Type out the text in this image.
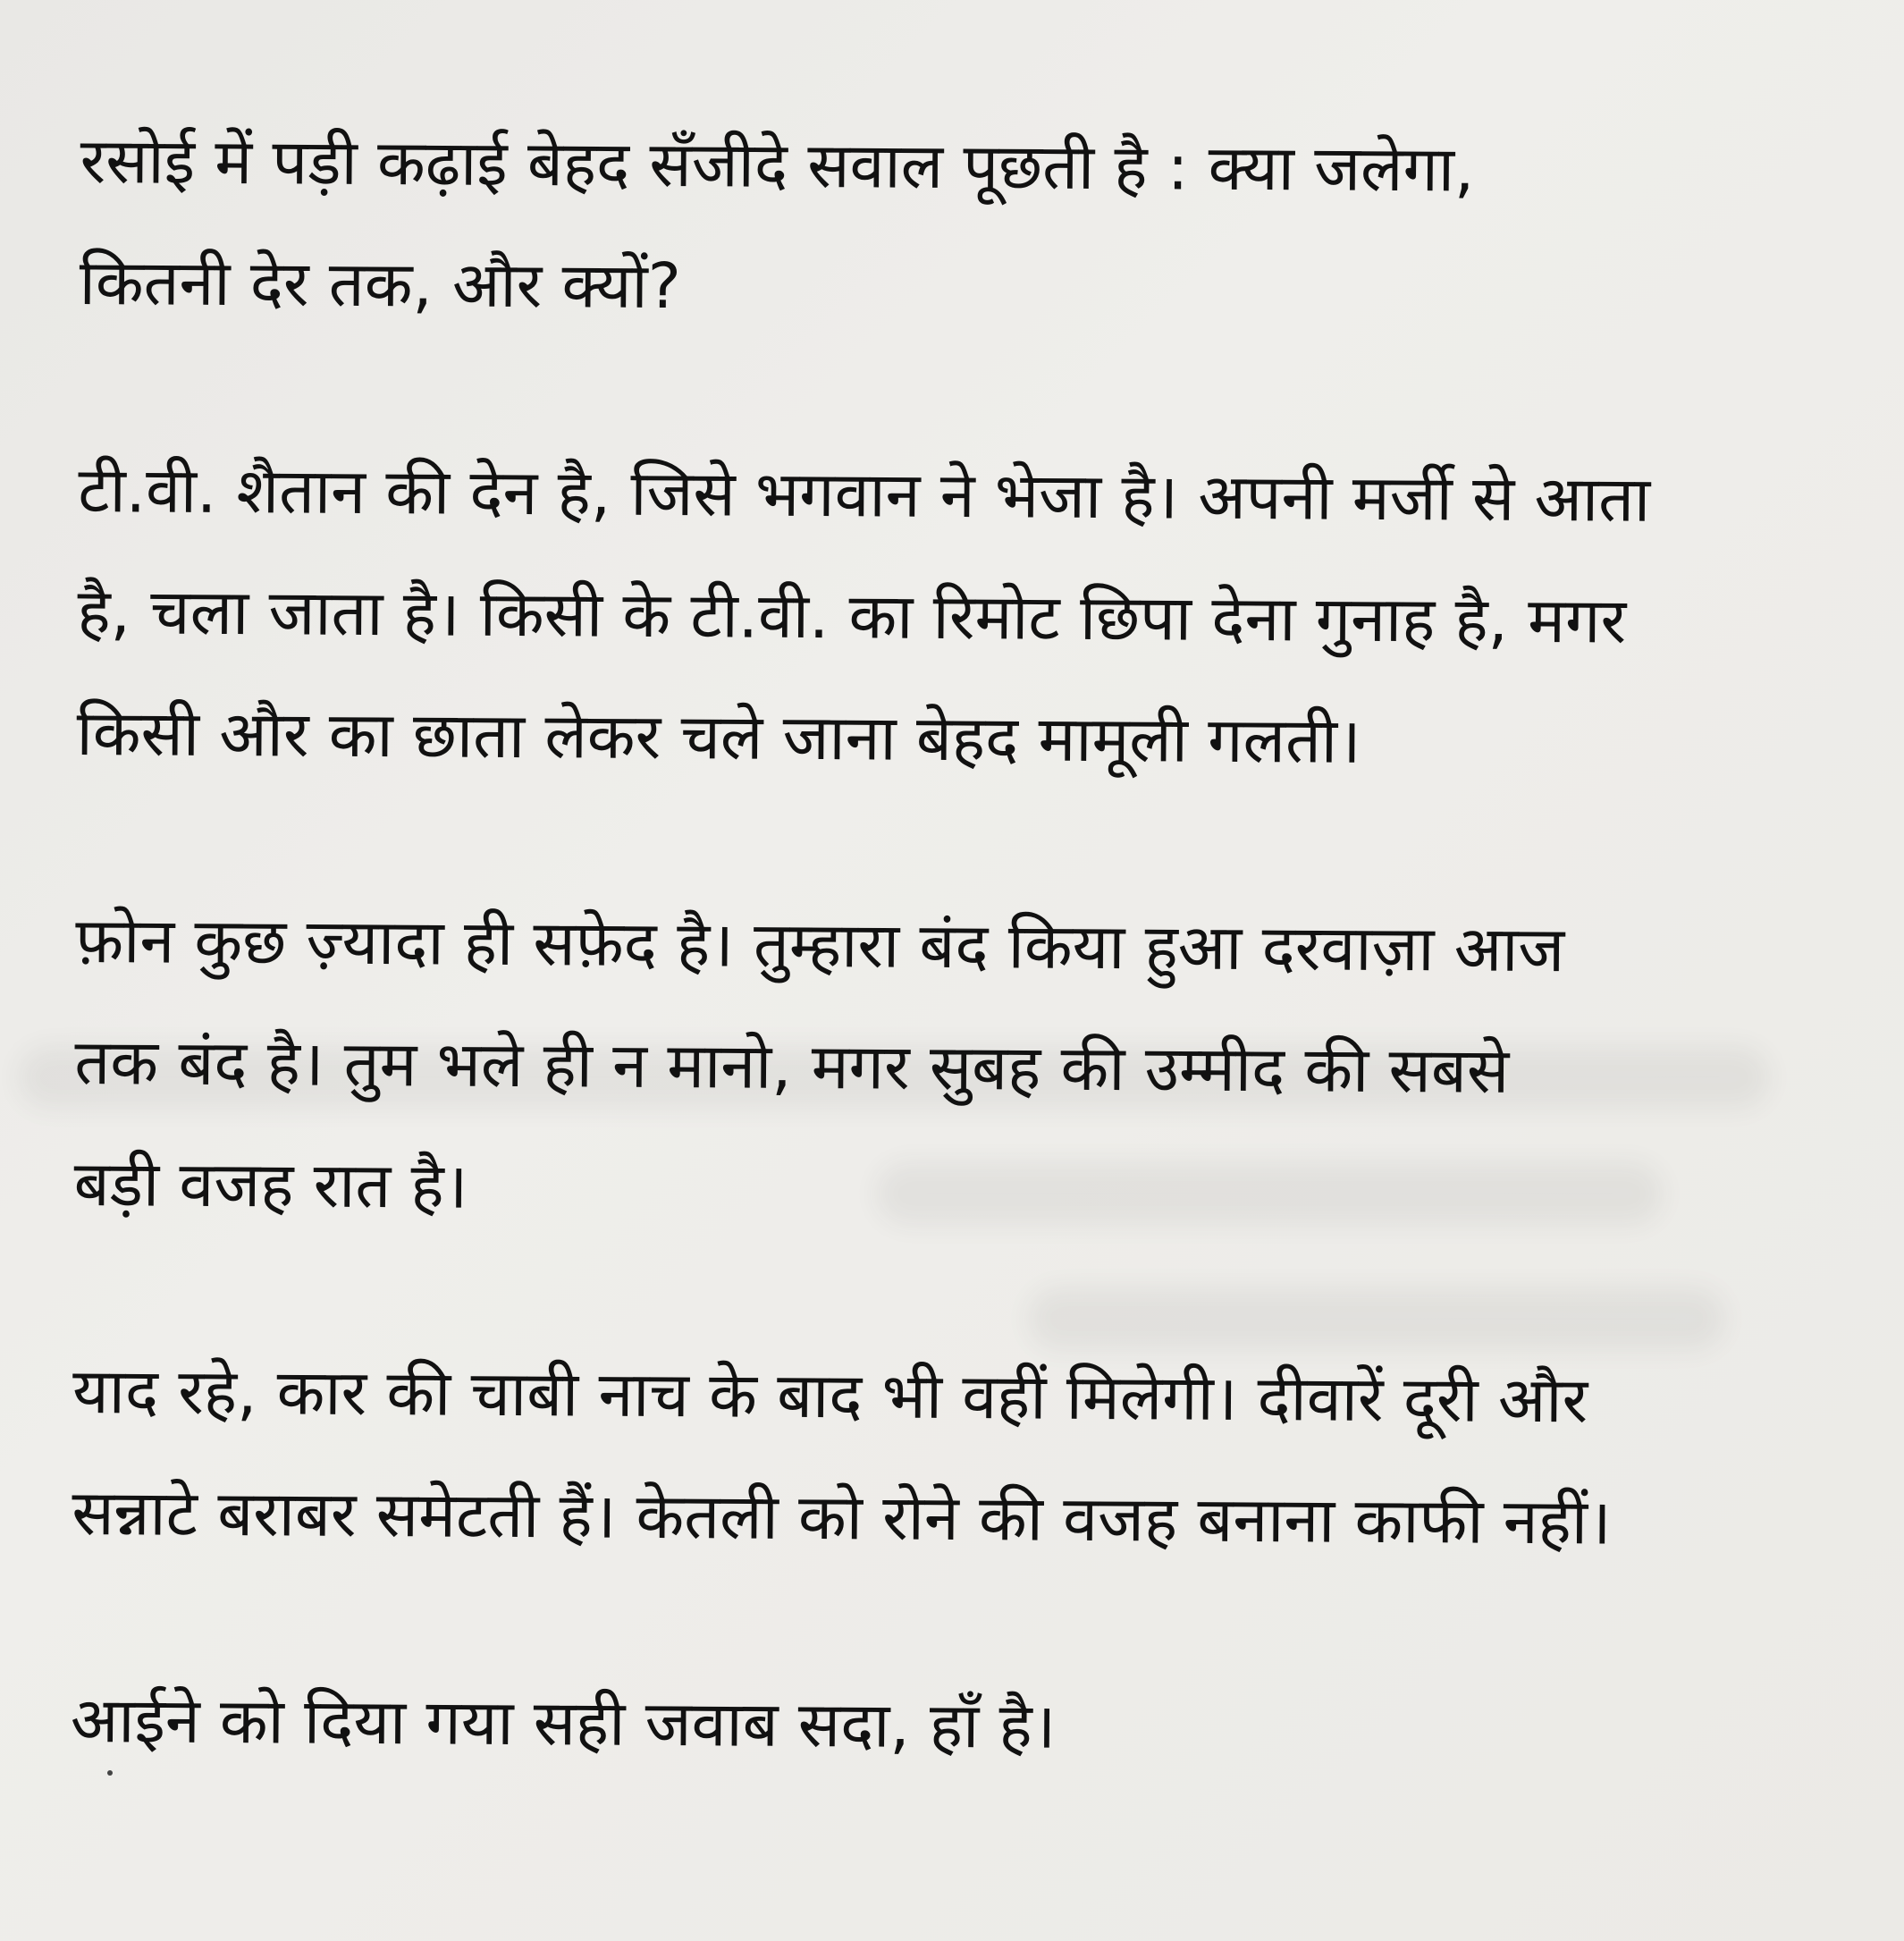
रसोई में पड़ी कढ़ाई बेहद सँजीदे सवाल पूछती है : क्या जलेगा,

कितनी देर तक, और क्यों?

टी.वी. शैतान की देन है, जिसे भगवान ने भेजा है। अपनी मर्जी से आता

है, चला जाता है। किसी के टी.वी. का रिमोट छिपा देना गुनाह है, मगर

किसी और का छाता लेकर चले जाना बेहद मामूली गलती।

फ़ोन कुछ ज़्यादा ही सफ़ेद है। तुम्हारा बंद किया हुआ दरवाज़ा आज

तक बंद है। तुम भले ही न मानो, मगर सुबह की उम्मीद की सबसे

बड़ी वजह रात है।

याद रहे, कार की चाबी नाच के बाद भी वहीं मिलेगी। दीवारें दूरी और

सन्नाटे बराबर समेटती हैं। केतली को रोने की वजह बनाना काफी नहीं।

आईने को दिया गया सही जवाब सदा, हाँ है।
